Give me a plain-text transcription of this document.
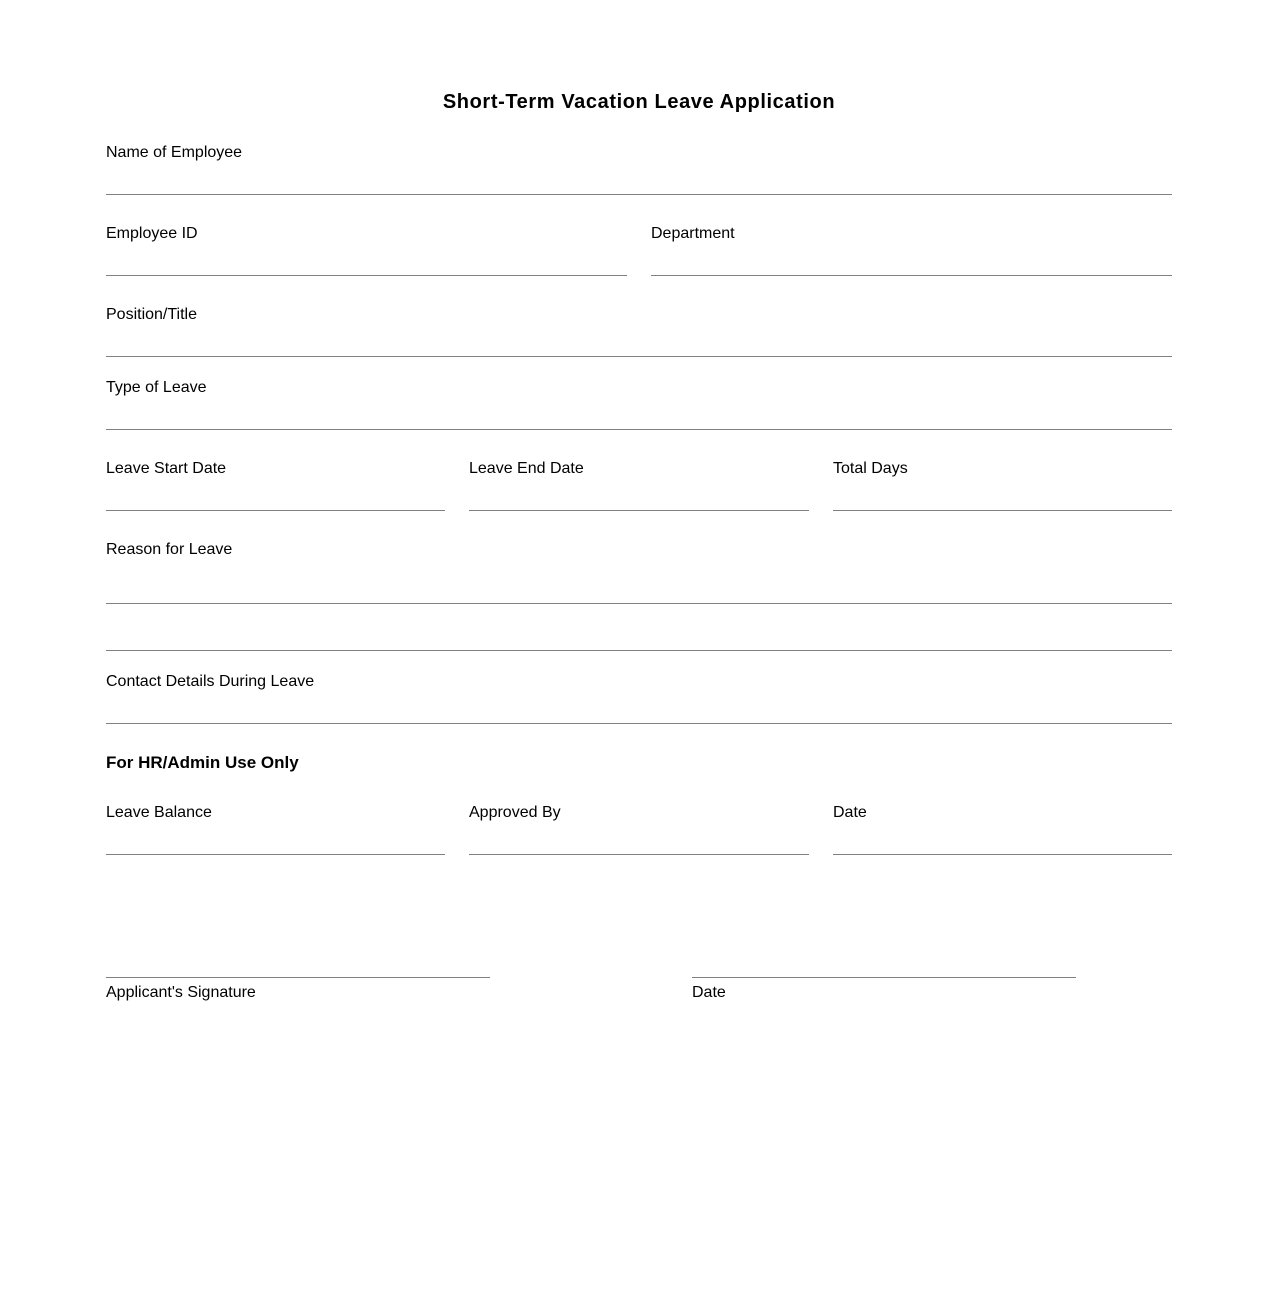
Short-Term Vacation Leave Application
Name of Employee
Employee ID	Department
Position/Title
Type of Leave
Leave Start Date	Leave End Date	Total Days
Reason for Leave
Contact Details During Leave
For HR/Admin Use Only
Leave Balance	Approved By	Date
Applicant's Signature	Date
